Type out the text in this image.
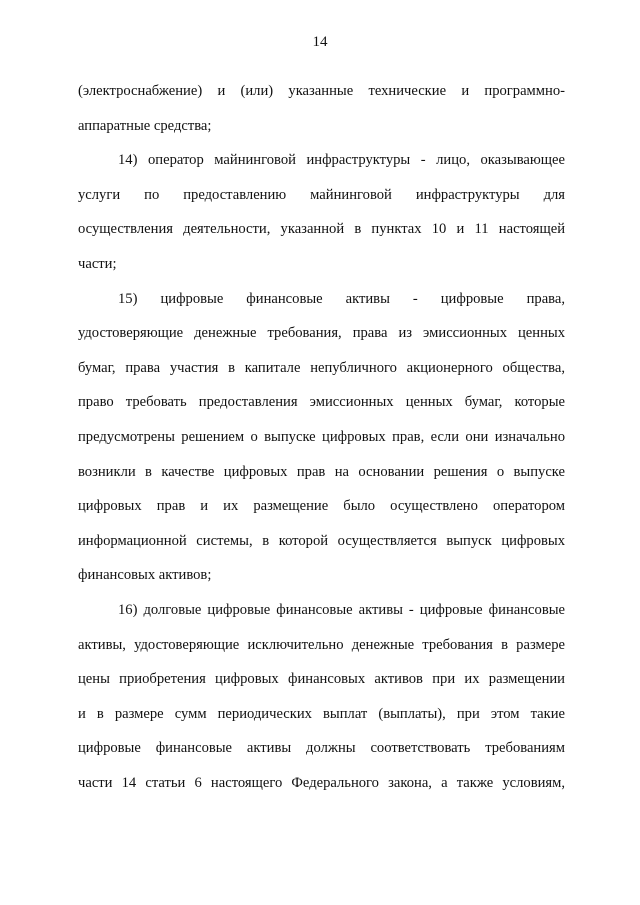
14
(электроснабжение) и (или) указанные технические и программно-
аппаратные средства;
14) оператор майнинговой инфраструктуры - лицо, оказывающее
услуги по предоставлению майнинговой инфраструктуры для
осуществления деятельности, указанной в пунктах 10 и 11 настоящей
части;
15) цифровые финансовые активы - цифровые права,
удостоверяющие денежные требования, права из эмиссионных ценных
бумаг, права участия в капитале непубличного акционерного общества,
право требовать предоставления эмиссионных ценных бумаг, которые
предусмотрены решением о выпуске цифровых прав, если они изначально
возникли в качестве цифровых прав на основании решения о выпуске
цифровых прав и их размещение было осуществлено оператором
информационной системы, в которой осуществляется выпуск цифровых
финансовых активов;
16) долговые цифровые финансовые активы - цифровые финансовые
активы, удостоверяющие исключительно денежные требования в размере
цены приобретения цифровых финансовых активов при их размещении
и в размере сумм периодических выплат (выплаты), при этом такие
цифровые финансовые активы должны соответствовать требованиям
части 14 статьи 6 настоящего Федерального закона, а также условиям,
